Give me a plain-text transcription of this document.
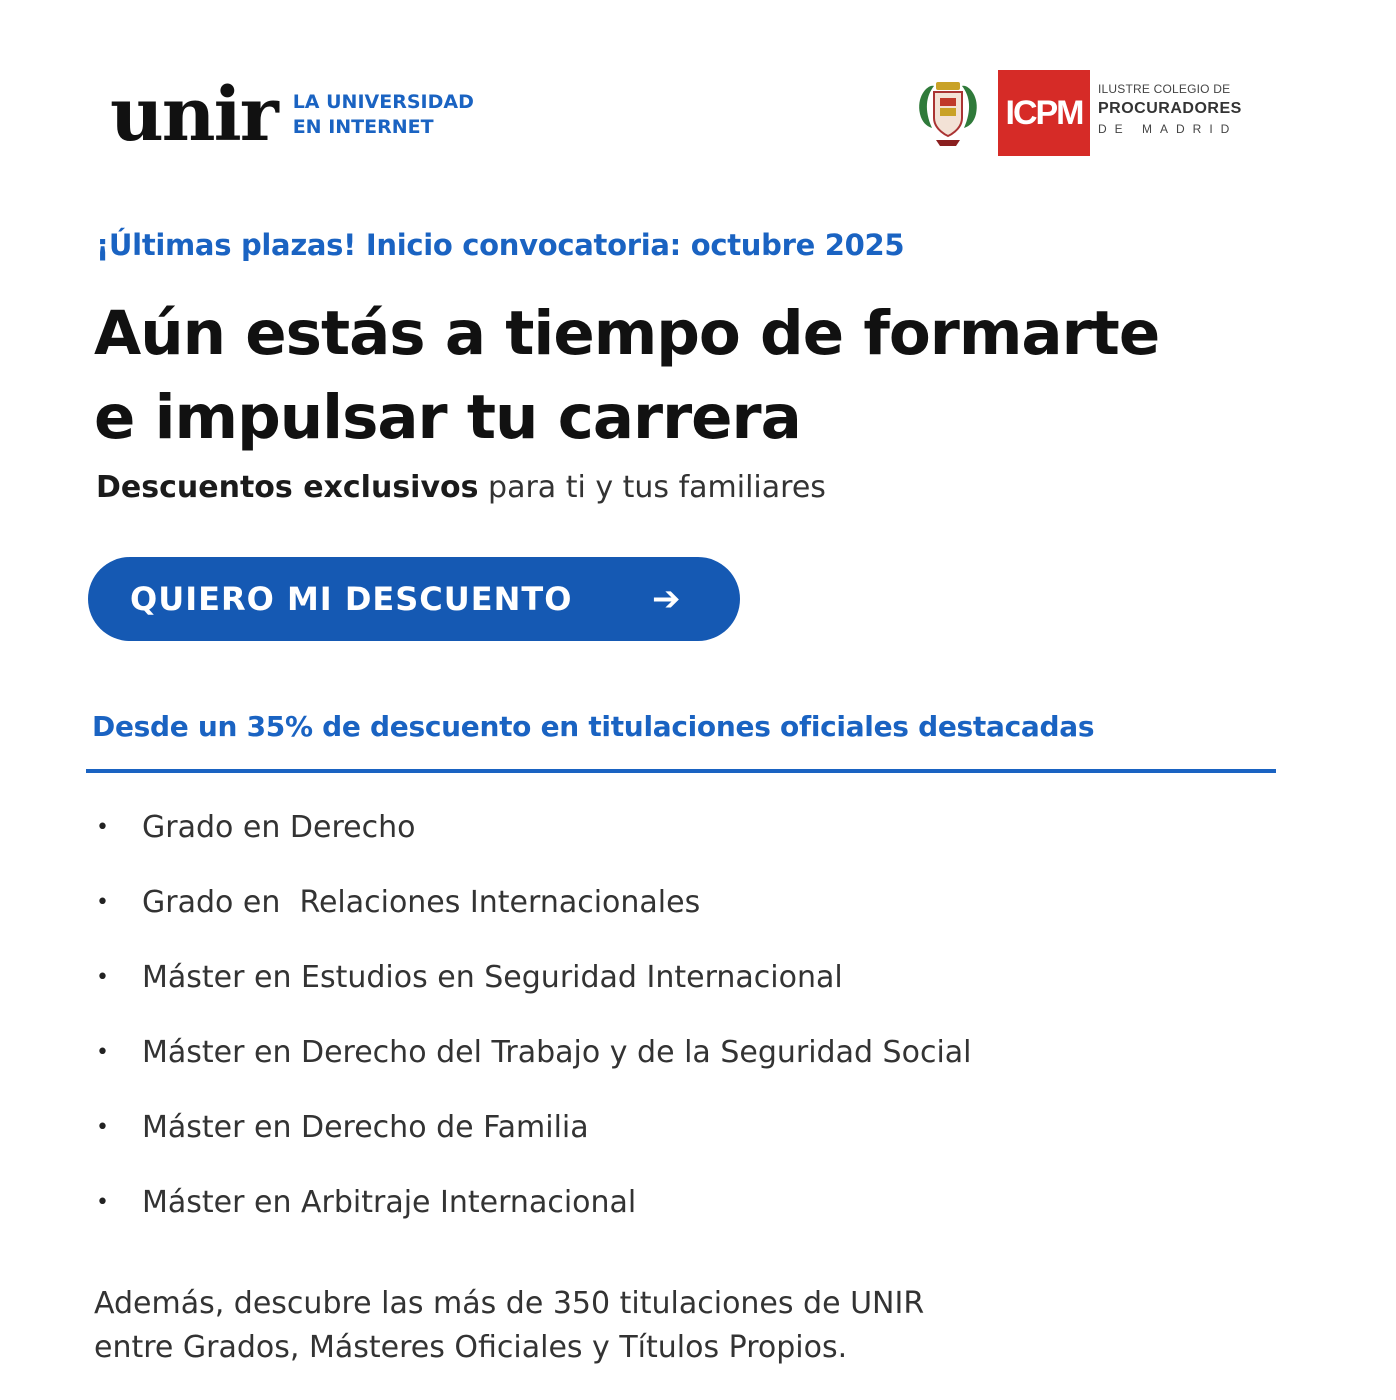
unir LA UNIVERSIDAD
EN INTERNET	ICPM
ILUSTRE COLEGIO DE
PROCURADORES
DE MADRID
¡Últimas plazas! Inicio convocatoria: octubre 2025
Aún estás a tiempo de formarte
e impulsar tu carrera
Descuentos exclusivos para ti y tus familiares
QUIERO MI DESCUENTO ➔
Desde un 35% de descuento en titulaciones oficiales destacadas
•	Grado en Derecho
•	Grado en  Relaciones Internacionales
•	Máster en Estudios en Seguridad Internacional
•	Máster en Derecho del Trabajo y de la Seguridad Social
•	Máster en Derecho de Familia
•	Máster en Arbitraje Internacional
Además, descubre las más de 350 titulaciones de UNIR
entre Grados, Másteres Oficiales y Títulos Propios.
